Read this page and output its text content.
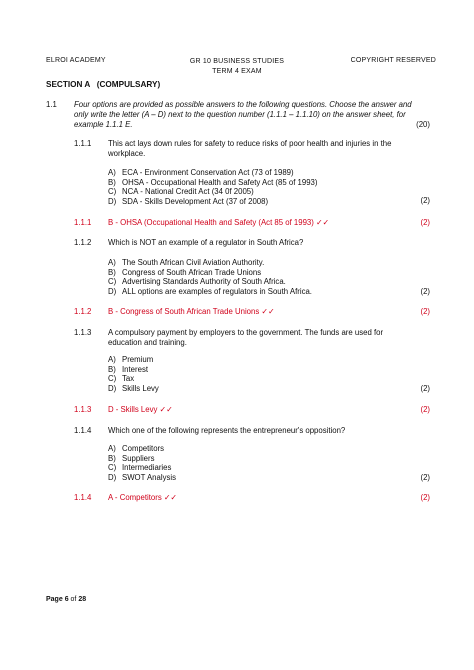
ELROI ACADEMY	GR 10 BUSINESS STUDIES
TERM 4 EXAM
COPYRIGHT RESERVED
SECTION A   (COMPULSARY)
1.1 Four options are provided as possible answers to the following questions. Choose the answer and only write the letter (A – D) next to the question number (1.1.1 – 1.1.10) on the answer sheet, for example 1.1.1 E.	(20)
1.1.1 This act lays down rules for safety to reduce risks of poor health and injuries in the workplace.
A) ECA - Environment Conservation Act (73 of 1989)
B) OHSA - Occupational Health and Safety Act (85 of 1993)
C) NCA - National Credit Act (34 0f 2005)
D) SDA - Skills Development Act (37 of 2008)	(2)
1.1.1 B - OHSA (Occupational Health and Safety (Act 85 of 1993) ✓✓	(2)
1.1.2 Which is NOT an example of a regulator in South Africa?
A) The South African Civil Aviation Authority.
B) Congress of South African Trade Unions
C) Advertising Standards Authority of South Africa.
D) ALL options are examples of regulators in South Africa.	(2)
1.1.2 B - Congress of South African Trade Unions ✓✓	(2)
1.1.3 A compulsory payment by employers to the government. The funds are used for education and training.
A) Premium
B) Interest
C) Tax
D) Skills Levy	(2)
1.1.3 D - Skills Levy ✓✓	(2)
1.1.4 Which one of the following represents the entrepreneur's opposition?
A) Competitors
B) Suppliers
C) Intermediaries
D) SWOT Analysis	(2)
1.1.4 A - Competitors ✓✓	(2)
Page 6 of 28
